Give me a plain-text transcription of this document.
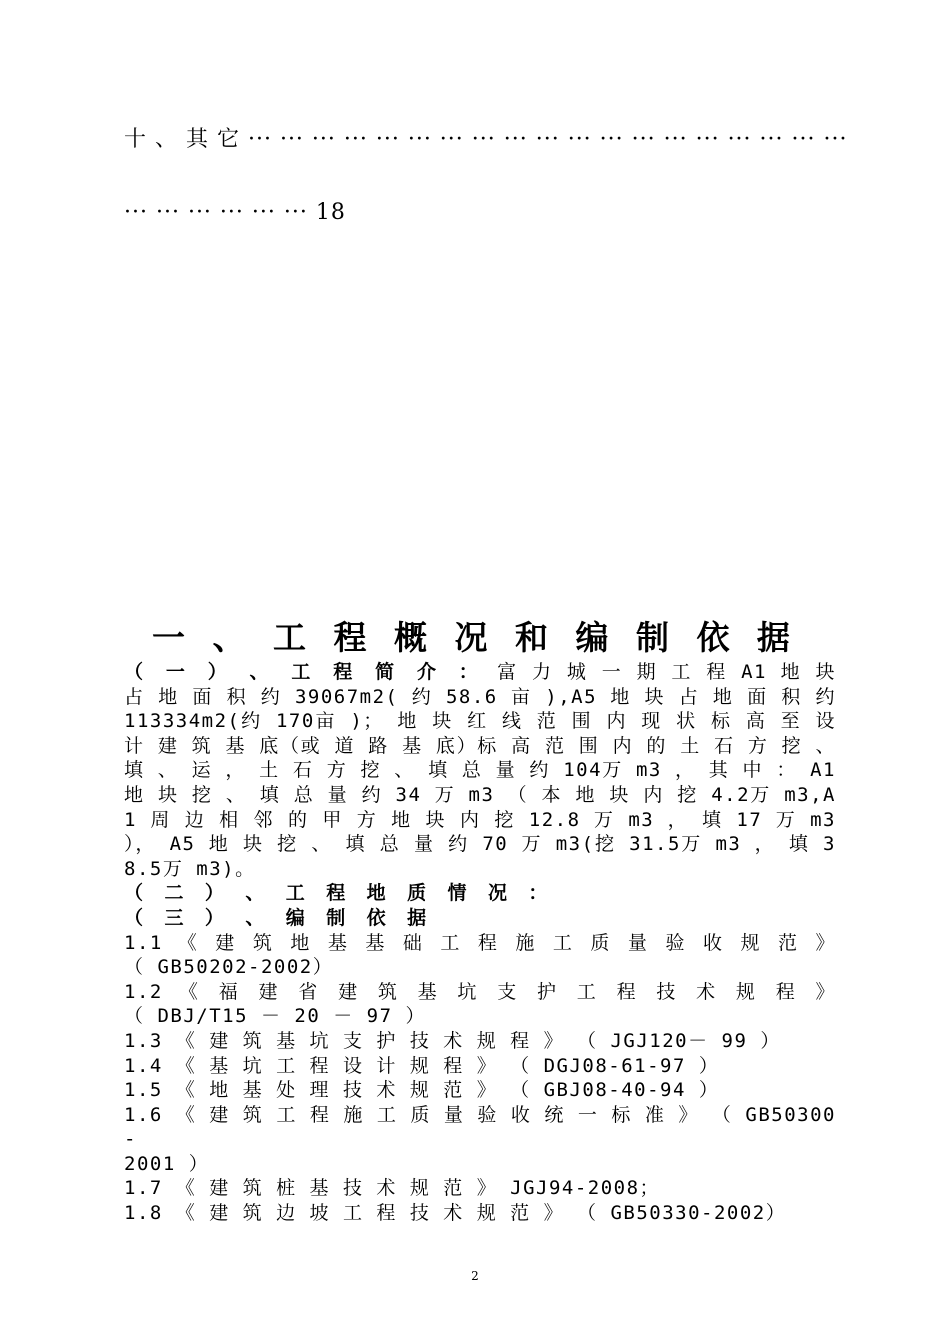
十 、 其 它 ··· ··· ··· ··· ··· ··· ··· ··· ··· ··· ··· ··· ··· ··· ··· ··· ··· ··· ···
··· ··· ··· ··· ··· ··· 18
一 、 工 程 概 况 和 编 制 依 据

（ 一 ） 、 工 程 简 介 ： 富 力 城 一 期 工 程 A1 地 块 占 地 面 积 约 39067m2( 约 58.6 亩 ),A5 地 块 占 地 面 积 约 113334m2(约 170亩 )； 地 块 红 线 范 围 内 现 状 标 高 至 设 计 建 筑 基 底（或 道 路 基 底）标 高 范 围 内 的 土 石 方 挖 、 填 、 运 ， 土 石 方 挖 、 填 总 量 约 104万 m3 ， 其 中 ： A1 地 块 挖 、 填 总 量 约 34 万 m3 （ 本 地 块 内 挖 4.2万 m3,A1 周 边 相 邻 的 甲 方 地 块 内 挖 12.8 万 m3 ， 填 17 万 m3 ）， A5 地 块 挖 、 填 总 量 约 70 万 m3(挖 31.5万 m3 ， 填 38.5万 m3)。

（ 二 ） 、 工 程 地 质 情 况 ：

（ 三 ） 、 编 制 依 据

1.1 《 建 筑 地 基 基 础 工 程 施 工 质 量 验 收 规 范 》

（ GB50202-2002）

1.2 《 福 建 省 建 筑 基 坑 支 护 工 程 技 术 规 程 》

（ DBJ/T15 － 20 － 97 ）

1.3 《 建 筑 基 坑 支 护 技 术 规 程 》 （ JGJ120－ 99 ）

1.4 《 基 坑 工 程 设 计 规 程 》 （ DGJ08-61-97 ）

1.5 《 地 基 处 理 技 术 规 范 》 （ GBJ08-40-94 ）

1.6 《 建 筑 工 程 施 工 质 量 验 收 统 一 标 准 》 （ GB50300-

2001 ）

1.7 《 建 筑 桩 基 技 术 规 范 》 JGJ94-2008；

1.8 《 建 筑 边 坡 工 程 技 术 规 范 》 （ GB50330-2002）

2
